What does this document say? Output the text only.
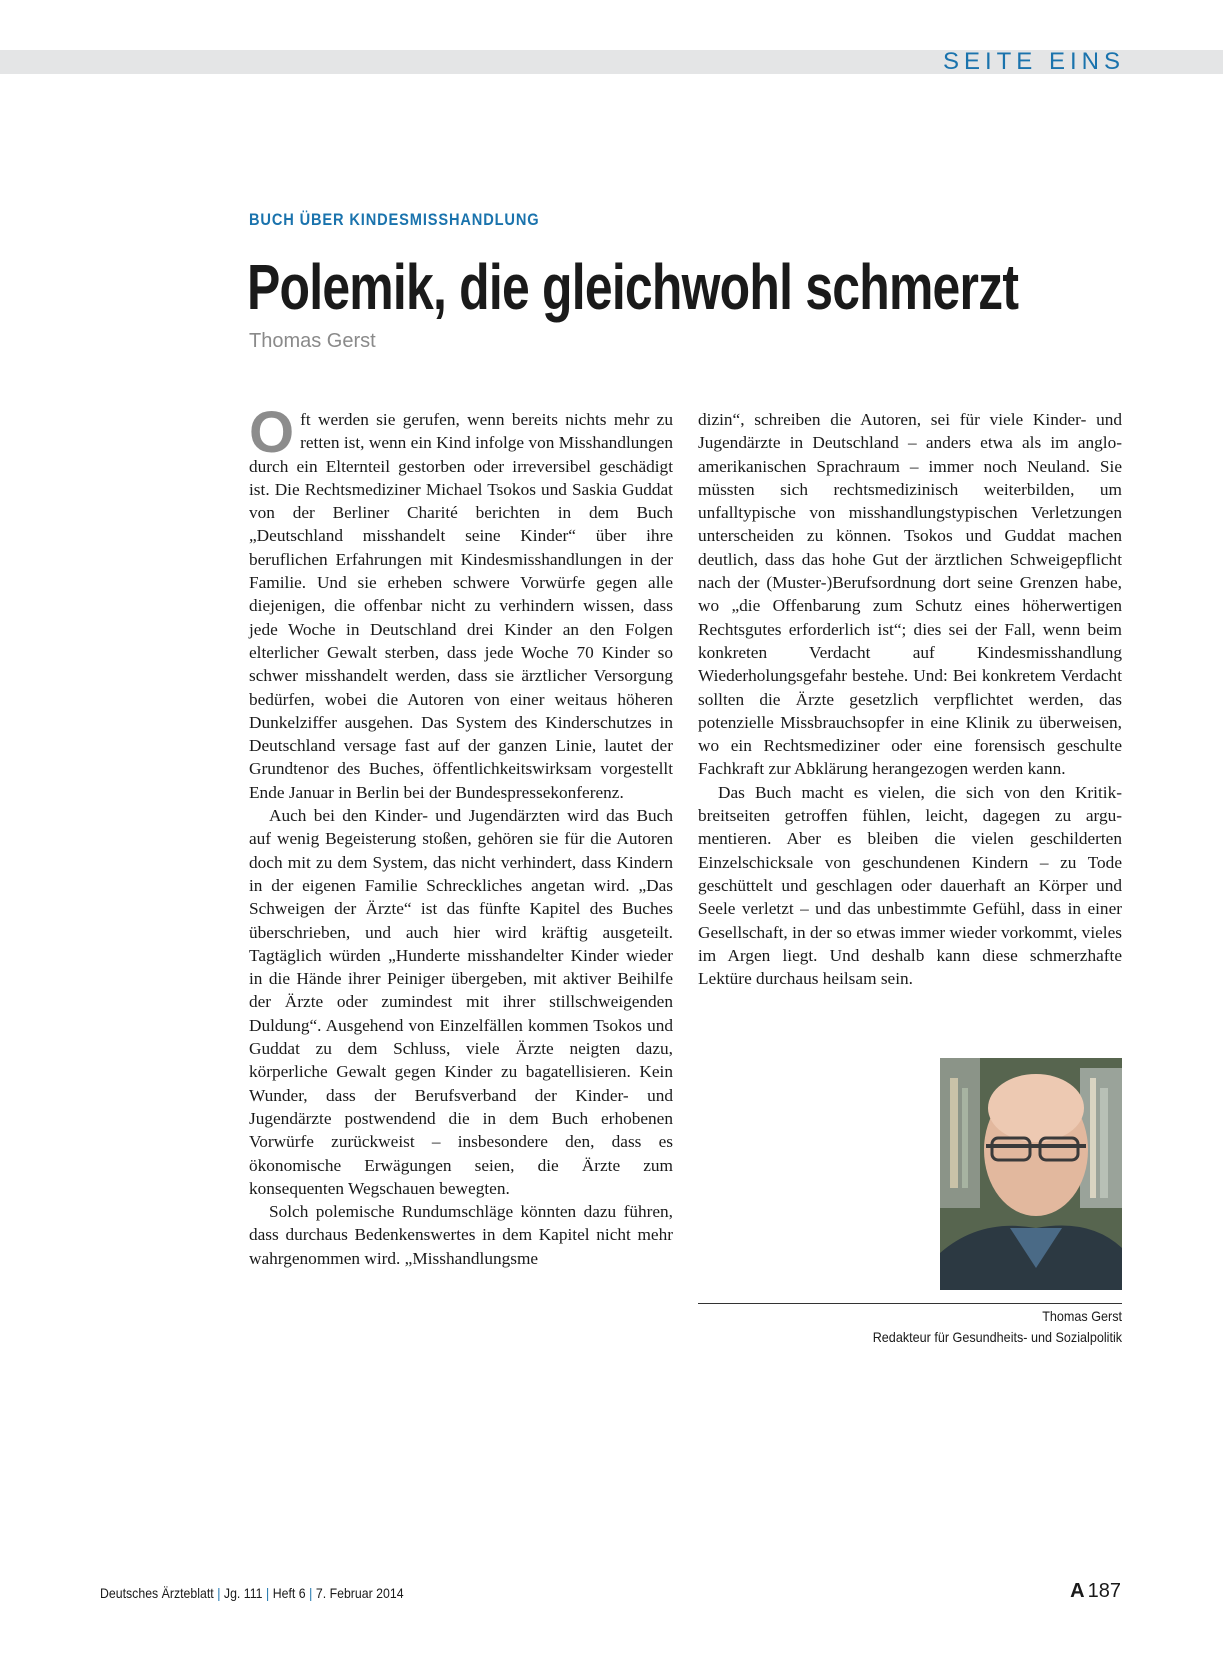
SEITE EINS
BUCH ÜBER KINDESMISSHANDLUNG
Polemik, die gleichwohl schmerzt
Thomas Gerst

Oft werden sie gerufen, wenn bereits nichts mehr zu retten ist, wenn ein Kind infolge von Misshandlungen durch ein Elternteil gestorben oder irreversibel geschädigt ist. Die Rechtsmediziner Michael Tsokos und Saskia Guddat von der Berliner Charité berichten in dem Buch „Deutschland misshandelt seine Kinder“ über ihre beruflichen Erfahrungen mit Kindesmisshandlungen in der Familie. Und sie erheben schwere Vorwürfe gegen alle diejenigen, die offenbar nicht zu verhindern wissen, dass jede Woche in Deutschland drei Kinder an den Folgen elterlicher Gewalt sterben, dass jede Woche 70 Kinder so schwer misshandelt werden, dass sie ärztlicher Versorgung bedürfen, wobei die Autoren von einer weitaus höheren Dunkelziffer ausgehen. Das System des Kinderschutzes in Deutschland versage fast auf der ganzen Linie, lautet der Grundtenor des Buches, öffentlichkeitswirksam vorgestellt Ende Januar in Berlin bei der Bundespressekonferenz.

Auch bei den Kinder- und Jugendärzten wird das Buch auf wenig Begeisterung stoßen, gehören sie für die Autoren doch mit zu dem System, das nicht verhindert, dass Kindern in der eigenen Familie Schreckliches angetan wird. „Das Schweigen der Ärzte“ ist das fünfte Kapitel des Buches überschrieben, und auch hier wird kräftig ausgeteilt. Tagtäglich würden „Hunderte misshandelter Kinder wieder in die Hände ihrer Peiniger übergeben, mit aktiver Beihilfe der Ärzte oder zumindest mit ihrer stillschweigenden Duldung“. Ausgehend von Einzelfällen kommen Tsokos und Guddat zu dem Schluss, viele Ärzte neigten dazu, körperliche Gewalt gegen Kinder zu bagatellisieren. Kein Wunder, dass der Berufsverband der Kinder- und Jugendärzte postwendend die in dem Buch erhobenen Vorwürfe zurückweist – insbesondere den, dass es ökonomische Erwägungen seien, die Ärzte zum konsequenten Wegschauen bewegten.

Solch polemische Rundumschläge könnten dazu führen, dass durchaus Bedenkenswertes in dem Kapitel nicht mehr wahrgenommen wird. „Misshandlungsme

dizin“, schreiben die Autoren, sei für viele Kinder- und Jugendärzte in Deutschland – anders etwa als im angloamerikanischen Sprachraum – immer noch Neuland. Sie müssten sich rechtsmedizinisch weiterbilden, um unfalltypische von misshandlungstypischen Verletzungen unterscheiden zu können. Tsokos und Guddat machen deutlich, dass das hohe Gut der ärztlichen Schweigepflicht nach der (Muster-)Berufsordnung dort seine Grenzen habe, wo „die Offenbarung zum Schutz eines höherwertigen Rechtsgutes erforderlich ist“; dies sei der Fall, wenn beim konkreten Verdacht auf Kindesmisshandlung Wiederholungsgefahr bestehe. Und: Bei konkretem Verdacht sollten die Ärzte gesetzlich verpflichtet werden, das potenzielle Missbrauchsopfer in eine Klinik zu überweisen, wo ein Rechtsmediziner oder eine forensisch geschulte Fachkraft zur Abklärung herangezogen werden kann.

Das Buch macht es vielen, die sich von den Kritikbreitseiten getroffen fühlen, leicht, dagegen zu argumentieren. Aber es bleiben die vielen geschilderten Einzelschicksale von geschundenen Kindern – zu Tode geschüttelt und geschlagen oder dauerhaft an Körper und Seele verletzt – und das unbestimmte Gefühl, dass in einer Gesellschaft, in der so etwas immer wieder vorkommt, vieles im Argen liegt. Und deshalb kann diese schmerzhafte Lektüre durchaus heilsam sein.

Thomas Gerst
Redakteur für Gesundheits- und Sozialpolitik
Deutsches Ärzteblatt | Jg. 111 | Heft 6 | 7. Februar 2014	A 187
